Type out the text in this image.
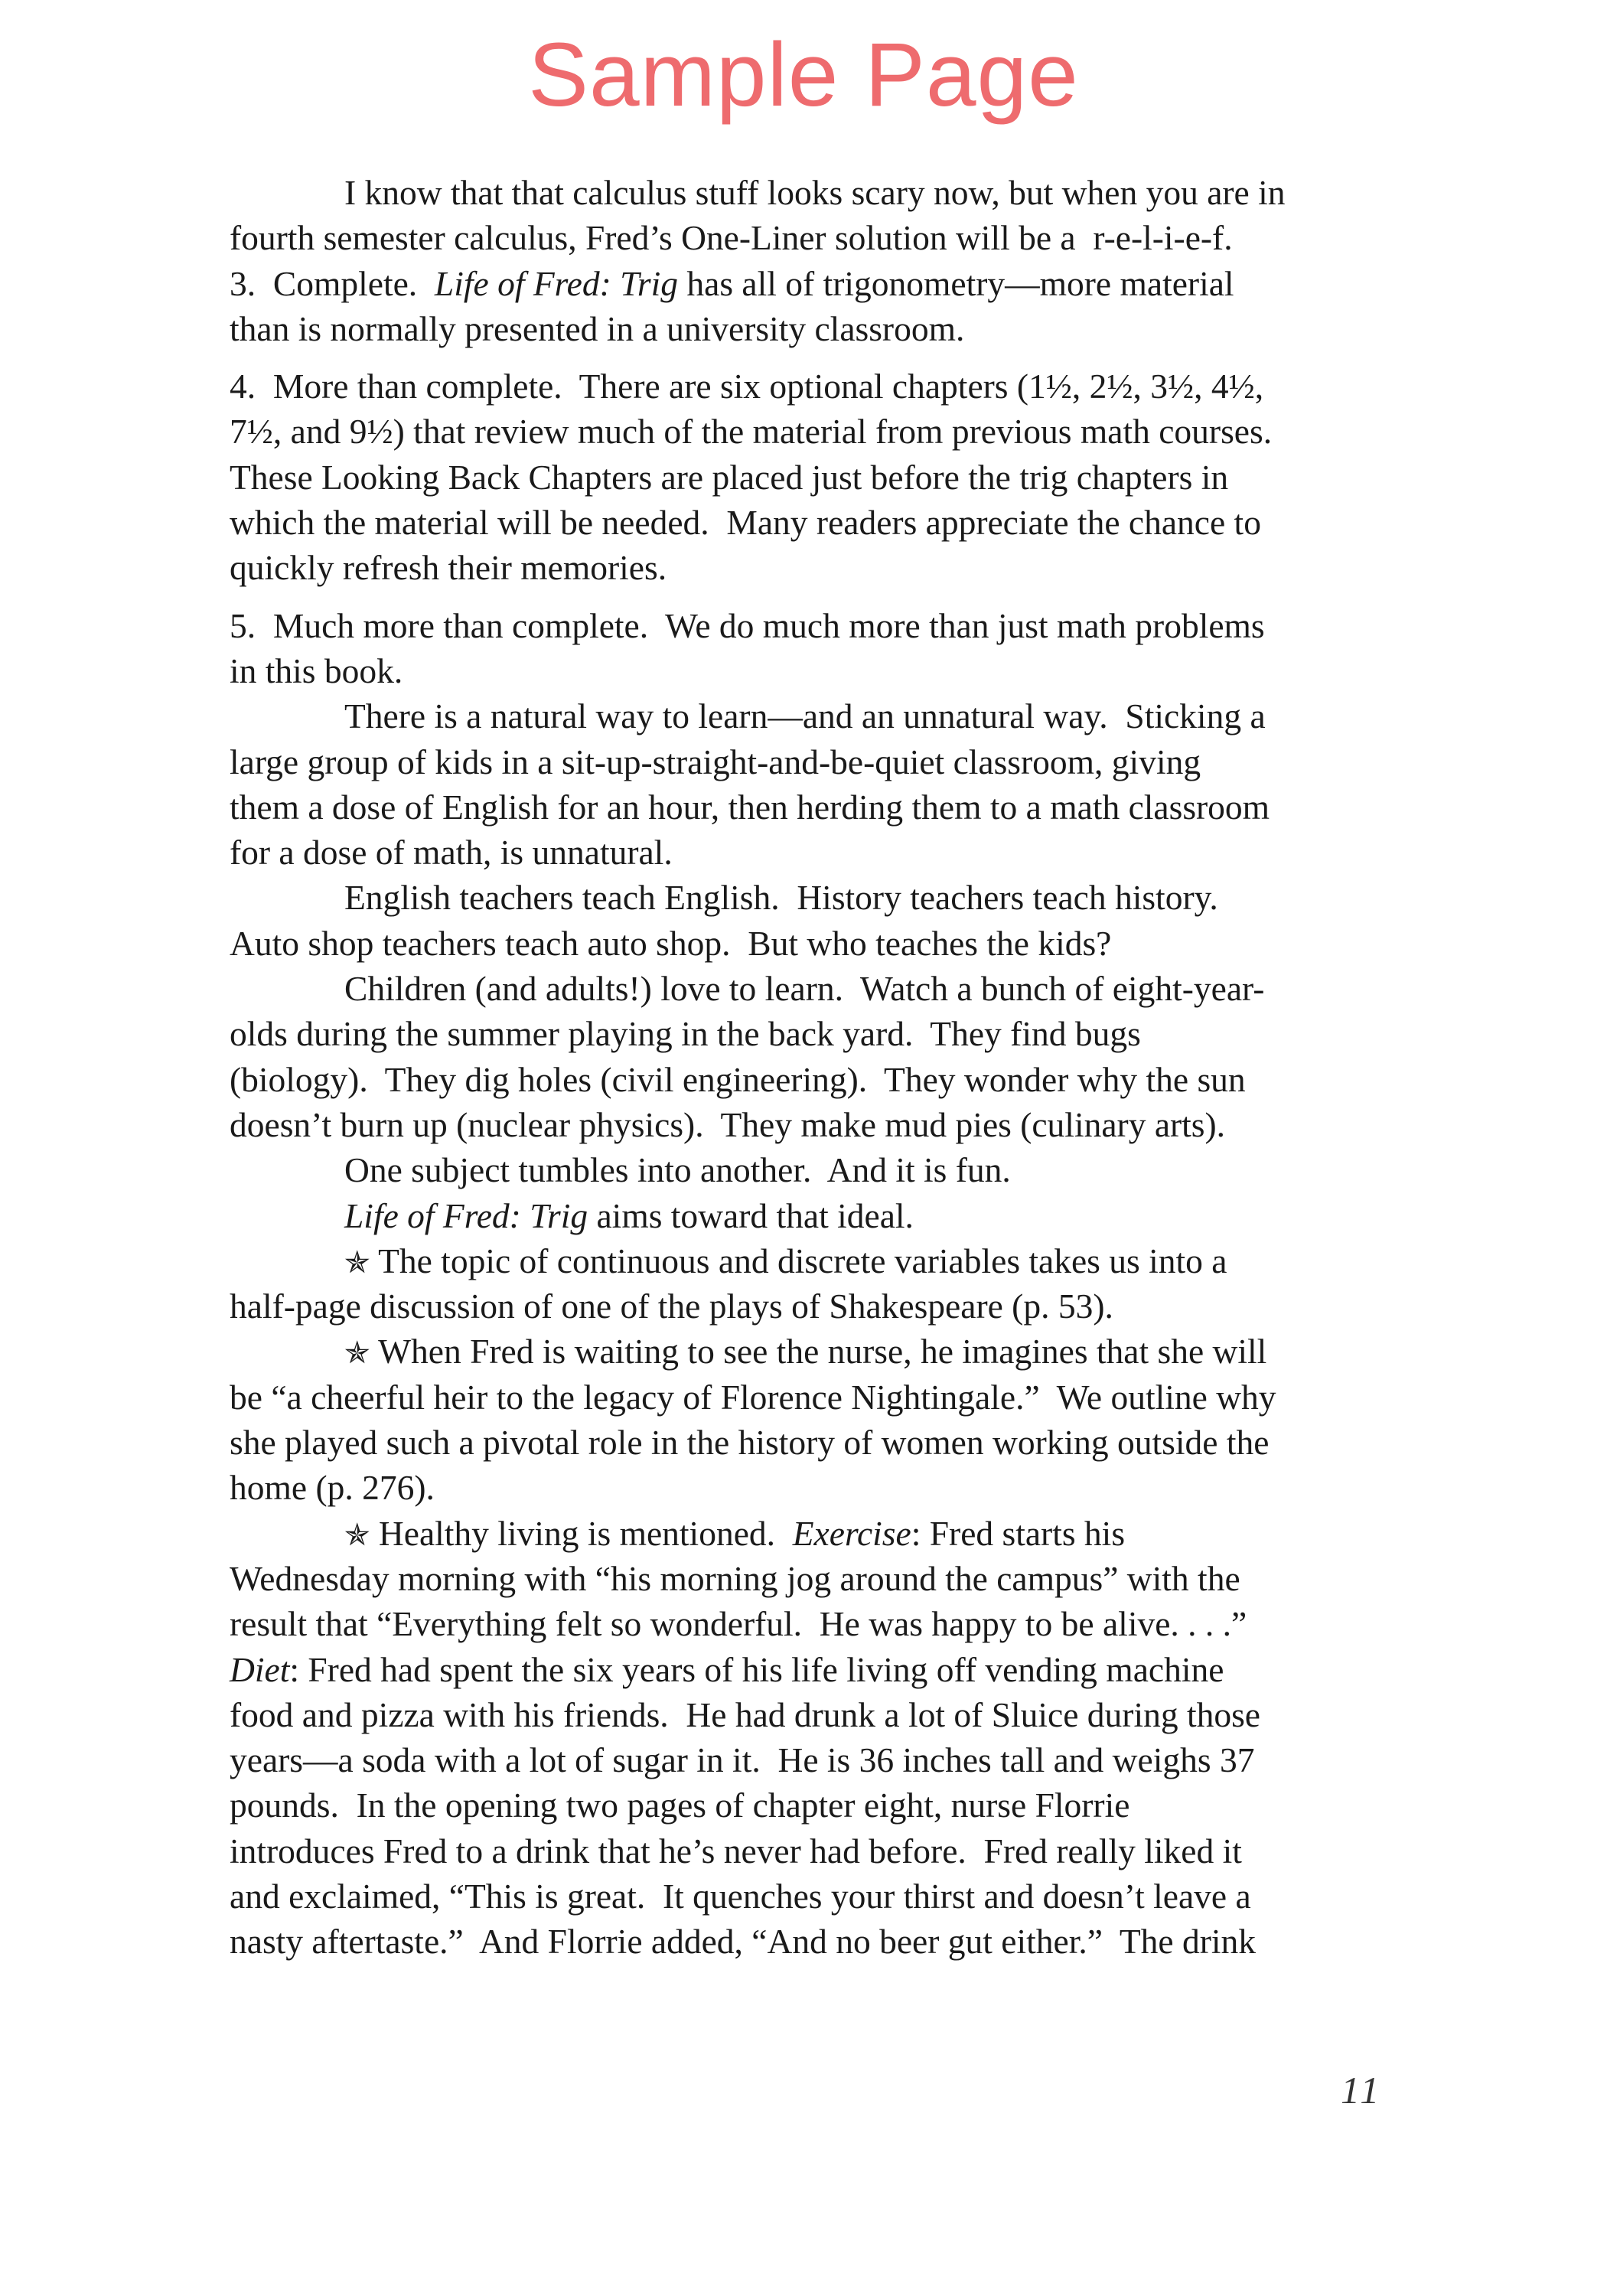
Sample Page

I know that that calculus stuff looks scary now, but when you are in

fourth semester calculus, Fred’s One-Liner solution will be a  r-e-l-i-e-f.

3.  Complete.  Life of Fred: Trig has all of trigonometry—more material

than is normally presented in a university classroom.

4.  More than complete.  There are six optional chapters (1½, 2½, 3½, 4½,

7½, and 9½) that review much of the material from previous math courses.

These Looking Back Chapters are placed just before the trig chapters in

which the material will be needed.  Many readers appreciate the chance to

quickly refresh their memories.

5.  Much more than complete.  We do much more than just math problems

in this book.

There is a natural way to learn—and an unnatural way.  Sticking a

large group of kids in a sit-up-straight-and-be-quiet classroom, giving

them a dose of English for an hour, then herding them to a math classroom

for a dose of math, is unnatural.

English teachers teach English.  History teachers teach history.

Auto shop teachers teach auto shop.  But who teaches the kids?

Children (and adults!) love to learn.  Watch a bunch of eight-year-

olds during the summer playing in the back yard.  They find bugs

(biology).  They dig holes (civil engineering).  They wonder why the sun

doesn’t burn up (nuclear physics).  They make mud pies (culinary arts).

One subject tumbles into another.  And it is fun.

Life of Fred: Trig aims toward that ideal.

✯ The topic of continuous and discrete variables takes us into a

half-page discussion of one of the plays of Shakespeare (p. 53).

✯ When Fred is waiting to see the nurse, he imagines that she will

be “a cheerful heir to the legacy of Florence Nightingale.”  We outline why

she played such a pivotal role in the history of women working outside the

home (p. 276).

✯ Healthy living is mentioned.  Exercise: Fred starts his

Wednesday morning with “his morning jog around the campus” with the

result that “Everything felt so wonderful.  He was happy to be alive. . . .”

Diet: Fred had spent the six years of his life living off vending machine

food and pizza with his friends.  He had drunk a lot of Sluice during those

years—a soda with a lot of sugar in it.  He is 36 inches tall and weighs 37

pounds.  In the opening two pages of chapter eight, nurse Florrie

introduces Fred to a drink that he’s never had before.  Fred really liked it

and exclaimed, “This is great.  It quenches your thirst and doesn’t leave a

nasty aftertaste.”  And Florrie added, “And no beer gut either.”  The drink

11
